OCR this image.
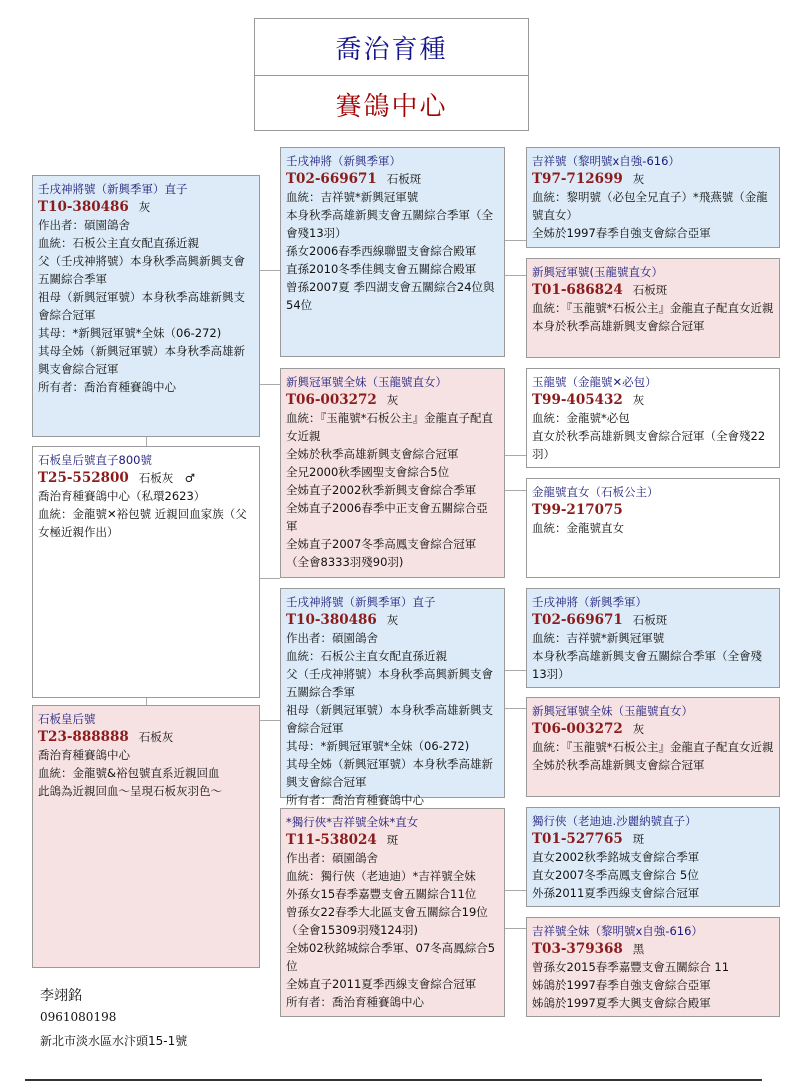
喬治育種
賽鴿中心
壬戌神將號（新興季軍）直子
T10-380486 灰
作出者：碩園鴿舍
血統：石板公主直女配直孫近親
父（壬戌神將號）本身秋季高興新興支會五關綜合季軍
祖母（新興冠軍號）本身秋季高雄新興支會綜合冠軍
其母：*新興冠軍號*全妹（06-272)
其母全姊（新興冠軍號）本身秋季高雄新興支會綜合冠軍
所有者：喬治育種賽鴿中心
石板皇后號直子800號
T25-552800 石板灰　♂
喬治育種賽鴿中心（私環2623）
血統：金龍號✕裕包號 近親回血家族（父女極近親作出）
石板皇后號
T23-888888 石板灰
喬治育種賽鴿中心
血統：金龍號&裕包號直系近親回血
此鴿為近親回血～呈現石板灰羽色～
壬戌神將（新興季軍）
T02-669671 石板斑
血統：吉祥號*新興冠軍號
本身秋季高雄新興支會五關綜合季軍（全會殘13羽）
孫女2006春季西線聯盟支會綜合殿軍
直孫2010冬季佳興支會五關綜合殿軍
曾孫2007夏 季四湖支會五關綜合24位與54位
新興冠軍號全妹（玉龍號直女）
T06-003272 灰
血統：『玉龍號*石板公主』金龍直子配直女近親
全姊於秋季高雄新興支會綜合冠軍
全兄2000秋季國聖支會綜合5位
全姊直子2002秋季新興支會綜合季軍
全姊直子2006春季中正支會五關綜合亞軍
全姊直子2007冬季高鳳支會綜合冠軍（全會8333羽殘90羽)
壬戌神將號（新興季軍）直子
T10-380486 灰
作出者：碩園鴿舍
血統：石板公主直女配直孫近親
父（壬戌神將號）本身秋季高興新興支會五關綜合季軍
祖母（新興冠軍號）本身秋季高雄新興支會綜合冠軍
其母：*新興冠軍號*全妹（06-272)
其母全姊（新興冠軍號）本身秋季高雄新興支會綜合冠軍
所有者：喬治育種賽鴿中心
*獨行俠*吉祥號全妹*直女
T11-538024 斑
作出者：碩園鴿舍
血統：獨行俠（老迪迪）*吉祥號全妹
外孫女15春季嘉豐支會五關綜合11位
曾孫女22春季大北區支會五關綜合19位（全會15309羽殘124羽)
全姊02秋銘城綜合季軍、07冬高鳳綜合5位
全姊直子2011夏季西線支會綜合冠軍
所有者：喬治育種賽鴿中心
吉祥號（黎明號x自強-616）
T97-712699 灰
血統：黎明號（必包全兄直子）*飛燕號（金龍號直女）
全姊於1997春季自強支會綜合亞軍
新興冠軍號(玉龍號直女）
T01-686824 石板斑
血統：『玉龍號*石板公主』金龍直子配直女近親
本身於秋季高雄新興支會綜合冠軍
玉龍號（金龍號✕必包）
T99-405432 灰
血統：金龍號*必包
直女於秋季高雄新興支會綜合冠軍（全會殘22羽）
金龍號直女（石板公主）
T99-217075
血統：金龍號直女
壬戌神將（新興季軍）
T02-669671 石板斑
血統：吉祥號*新興冠軍號
本身秋季高雄新興支會五關綜合季軍（全會殘13羽）
新興冠軍號全妹（玉龍號直女）
T06-003272 灰
血統：『玉龍號*石板公主』金龍直子配直女近親
全姊於秋季高雄新興支會綜合冠軍
獨行俠（老迪迪.沙麗納號直子）
T01-527765 斑
直女2002秋季銘城支會綜合季軍
直女2007冬季高鳳支會綜合 5位
外孫2011夏季西線支會綜合冠軍
吉祥號全妹（黎明號x自強-616）
T03-379368 黑
曾孫女2015春季嘉豐支會五關綜合 11
姊鴿於1997春季自強支會綜合亞軍
姊鴿於1997夏季大興支會綜合殿軍
李翊銘
0961080198
新北市淡水區水汴頭15-1號
